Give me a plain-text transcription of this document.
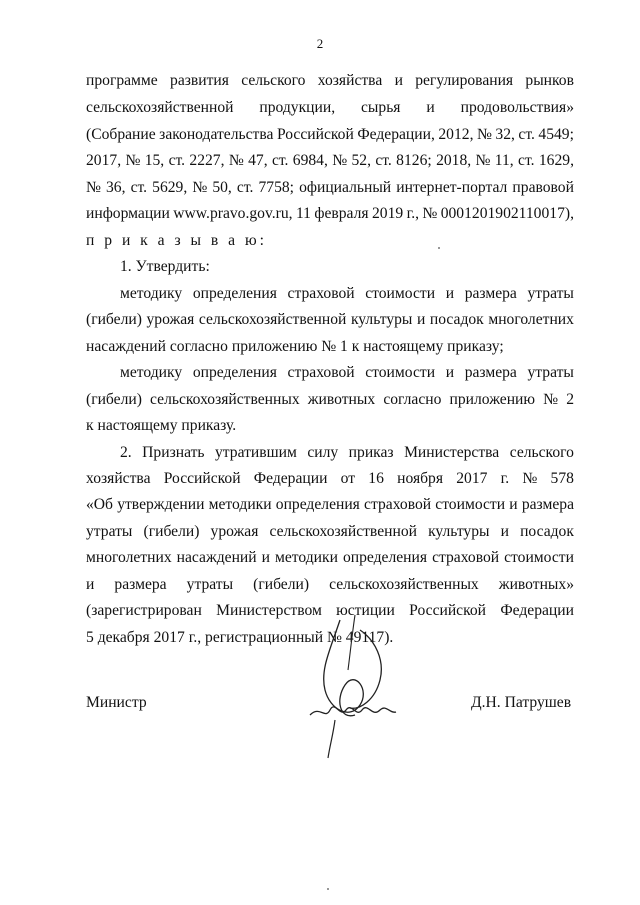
2
программе развития сельского хозяйства и регулирования рынков
сельскохозяйственной продукции, сырья и продовольствия»
(Собрание законодательства Российской Федерации, 2012, № 32, ст. 4549;
2017, № 15, ст. 2227, № 47, ст. 6984, № 52, ст. 8126; 2018, № 11, ст. 1629,
№ 36, ст. 5629, № 50, ст. 7758; официальный интернет-портал правовой
информации www.pravo.gov.ru, 11 февраля 2019 г., № 0001201902110017),
п р и к а з ы в а ю:
1. Утвердить:
методику определения страховой стоимости и размера утраты
(гибели) урожая сельскохозяйственной культуры и посадок многолетних
насаждений согласно приложению № 1 к настоящему приказу;
методику определения страховой стоимости и размера утраты
(гибели) сельскохозяйственных животных согласно приложению № 2
к настоящему приказу.
2. Признать утратившим силу приказ Министерства сельского
хозяйства Российской Федерации от 16 ноября 2017 г. № 578
«Об утверждении методики определения страховой стоимости и размера
утраты (гибели) урожая сельскохозяйственной культуры и посадок
многолетних насаждений и методики определения страховой стоимости
и размера утраты (гибели) сельскохозяйственных животных»
(зарегистрирован Министерством юстиции Российской Федерации
5 декабря 2017 г., регистрационный № 49117).
Министр	Д.Н. Патрушев
